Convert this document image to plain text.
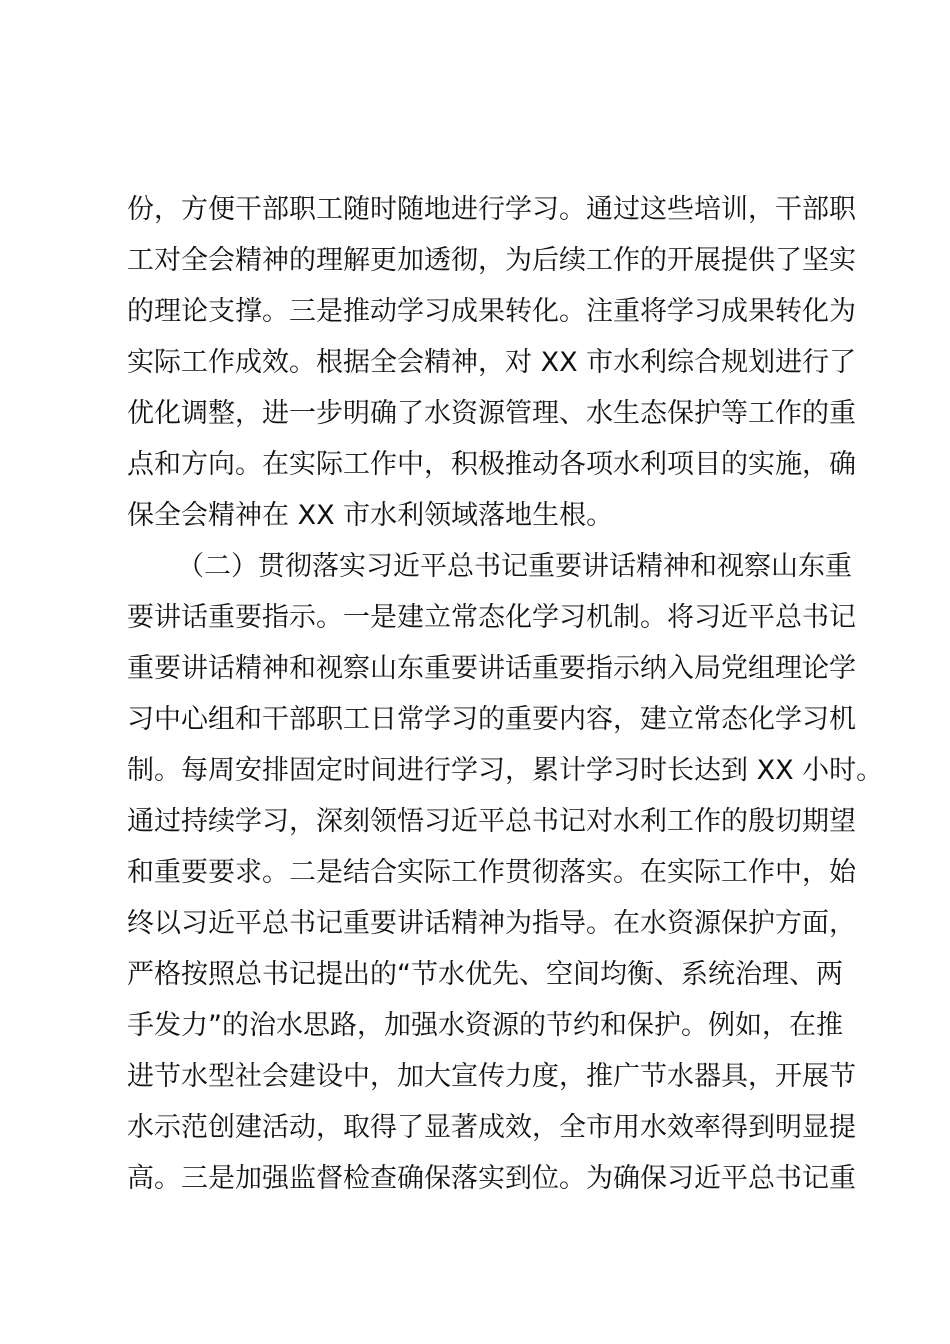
份，方便干部职工随时随地进行学习。通过这些培训，干部职
工对全会精神的理解更加透彻，为后续工作的开展提供了坚实
的理论支撑。三是推动学习成果转化。注重将学习成果转化为
实际工作成效。根据全会精神，对 XX 市水利综合规划进行了
优化调整，进一步明确了水资源管理、水生态保护等工作的重
点和方向。在实际工作中，积极推动各项水利项目的实施，确
保全会精神在 XX 市水利领域落地生根。
（二）贯彻落实习近平总书记重要讲话精神和视察山东重
要讲话重要指示。一是建立常态化学习机制。将习近平总书记
重要讲话精神和视察山东重要讲话重要指示纳入局党组理论学
习中心组和干部职工日常学习的重要内容，建立常态化学习机
制。每周安排固定时间进行学习，累计学习时长达到 XX 小时。
通过持续学习，深刻领悟习近平总书记对水利工作的殷切期望
和重要要求。二是结合实际工作贯彻落实。在实际工作中，始
终以习近平总书记重要讲话精神为指导。在水资源保护方面，
严格按照总书记提出的“节水优先、空间均衡、系统治理、两
手发力”的治水思路，加强水资源的节约和保护。例如，在推
进节水型社会建设中，加大宣传力度，推广节水器具，开展节
水示范创建活动，取得了显著成效，全市用水效率得到明显提
高。三是加强监督检查确保落实到位。为确保习近平总书记重
